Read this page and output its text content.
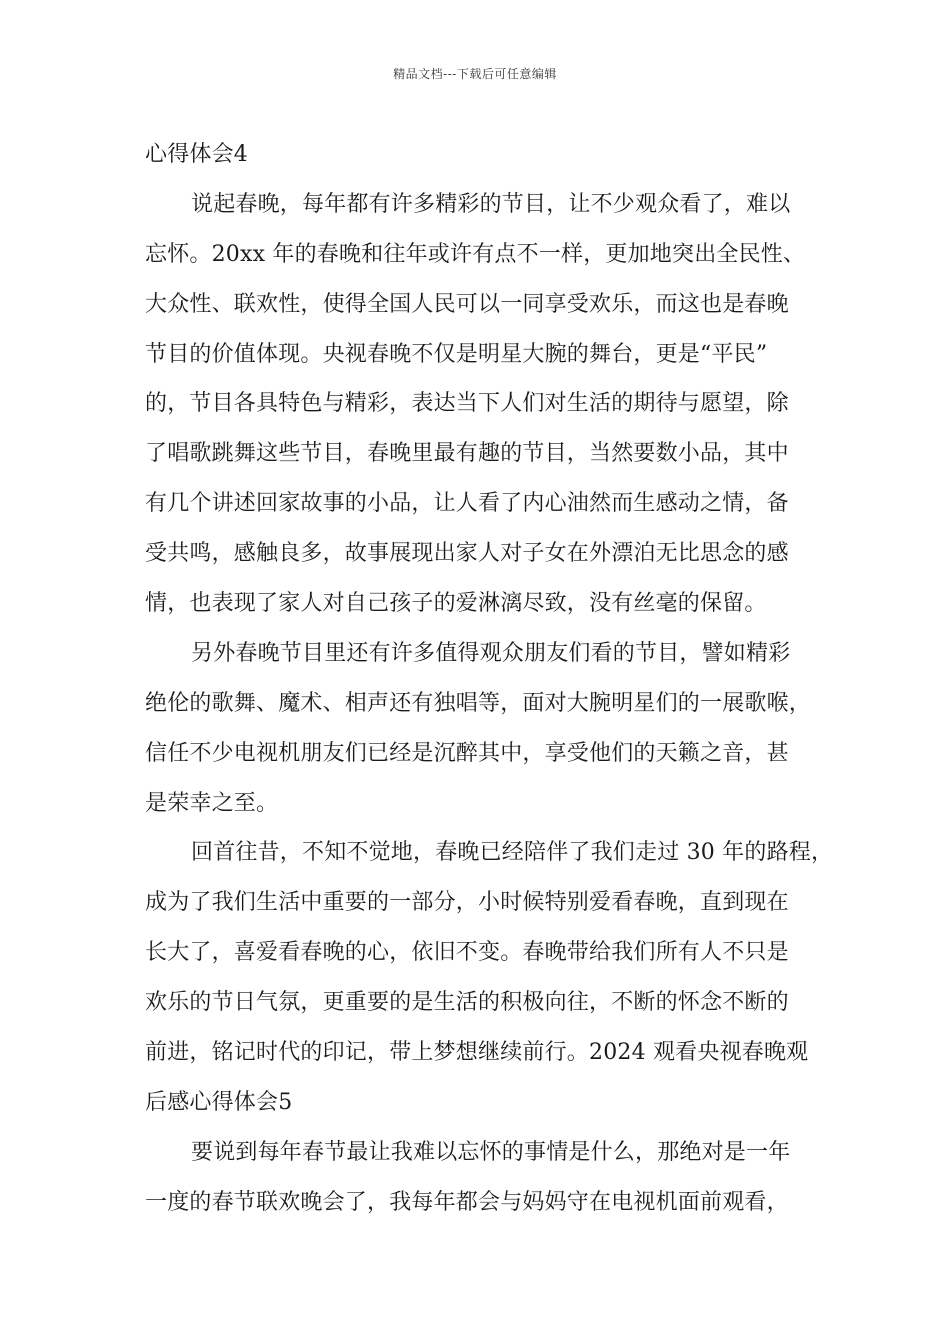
精品文档---下载后可任意编辑
心得体会4
说起春晚，每年都有许多精彩的节目，让不少观众看了，难以
忘怀。20xx 年的春晚和往年或许有点不一样，更加地突出全民性、
大众性、联欢性，使得全国人民可以一同享受欢乐，而这也是春晚
节目的价值体现。央视春晚不仅是明星大腕的舞台，更是“平民”
的，节目各具特色与精彩，表达当下人们对生活的期待与愿望，除
了唱歌跳舞这些节目，春晚里最有趣的节目，当然要数小品，其中
有几个讲述回家故事的小品，让人看了内心油然而生感动之情，备
受共鸣，感触良多，故事展现出家人对子女在外漂泊无比思念的感
情，也表现了家人对自己孩子的爱淋漓尽致，没有丝毫的保留。
另外春晚节目里还有许多值得观众朋友们看的节目，譬如精彩
绝伦的歌舞、魔术、相声还有独唱等，面对大腕明星们的一展歌喉，
信任不少电视机朋友们已经是沉醉其中，享受他们的天籁之音，甚
是荣幸之至。
回首往昔，不知不觉地，春晚已经陪伴了我们走过 30 年的路程，
成为了我们生活中重要的一部分，小时候特别爱看春晚，直到现在
长大了，喜爱看春晚的心，依旧不变。春晚带给我们所有人不只是
欢乐的节日气氛，更重要的是生活的积极向往，不断的怀念不断的
前进，铭记时代的印记，带上梦想继续前行。2024 观看央视春晚观
后感心得体会5
要说到每年春节最让我难以忘怀的事情是什么，那绝对是一年
一度的春节联欢晚会了，我每年都会与妈妈守在电视机面前观看，
